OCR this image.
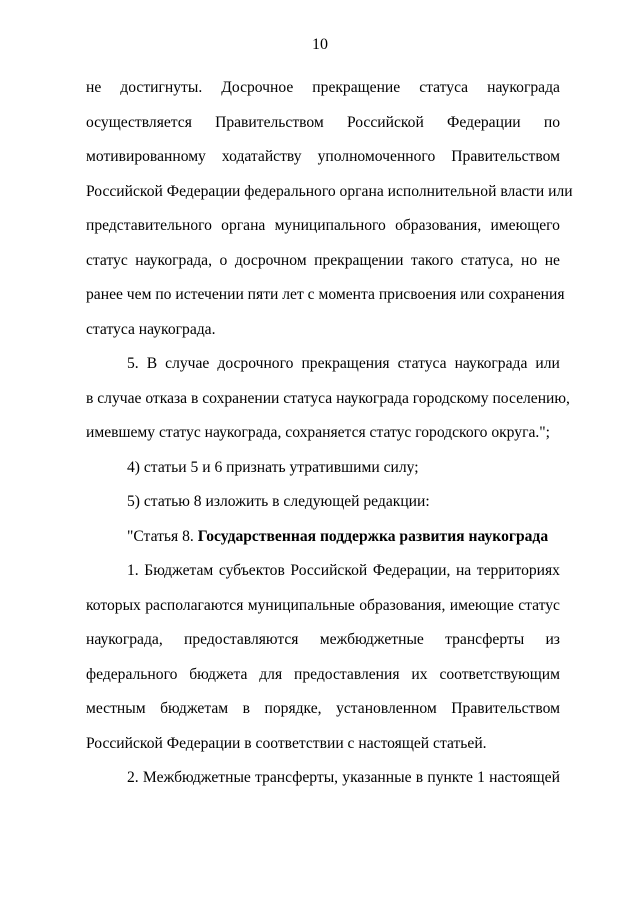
10
не достигнуты. Досрочное прекращение статуса наукограда
осуществляется Правительством Российской Федерации по
мотивированному ходатайству уполномоченного Правительством
Российской Федерации федерального органа исполнительной власти или
представительного органа муниципального образования, имеющего
статус наукограда, о досрочном прекращении такого статуса, но не
ранее чем по истечении пяти лет с момента присвоения или сохранения
статуса наукограда.
5. В случае досрочного прекращения статуса наукограда или
в случае отказа в сохранении статуса наукограда городскому поселению,
имевшему статус наукограда, сохраняется статус городского округа.";
4) статьи 5 и 6 признать утратившими силу;
5) статью 8 изложить в следующей редакции:
"Статья 8. Государственная поддержка развития наукограда
1. Бюджетам субъектов Российской Федерации, на территориях
которых располагаются муниципальные образования, имеющие статус
наукограда, предоставляются межбюджетные трансферты из
федерального бюджета для предоставления их соответствующим
местным бюджетам в порядке, установленном Правительством
Российской Федерации в соответствии с настоящей статьей.
2. Межбюджетные трансферты, указанные в пункте 1 настоящей
